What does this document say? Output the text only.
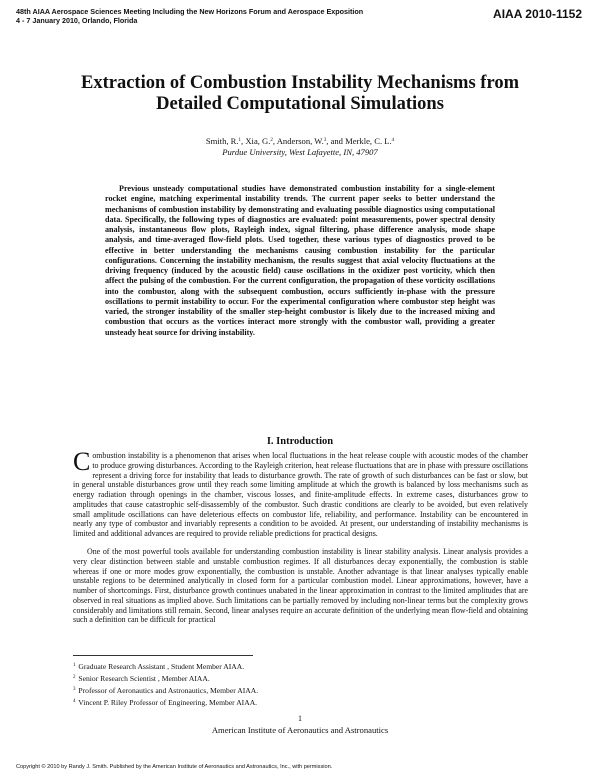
48th AIAA Aerospace Sciences Meeting Including the New Horizons Forum and Aerospace Exposition
4 - 7 January 2010, Orlando, Florida	AIAA 2010-1152
Extraction of Combustion Instability Mechanisms from
Detailed Computational Simulations
Smith, R.$^1$, Xia, G.$^2$, Anderson, W.$^3$, and Merkle, C. L.$^4$
Purdue University, West Lafayette, IN, 47907

Previous unsteady computational studies have demonstrated combustion instability for a single-element rocket engine, matching experimental instability trends. The current paper seeks to better understand the mechanisms of combustion instability by demonstrating and evaluating possible diagnostics using computational data. Specifically, the following types of diagnostics are evaluated: point measurements, power spectral density analysis, instantaneous flow plots, Rayleigh index, signal filtering, phase difference analysis, mode shape analysis, and time-averaged flow-field plots. Used together, these various types of diagnostics proved to be effective in better understanding the mechanisms causing combustion instability for the particular configurations. Concerning the instability mechanism, the results suggest that axial velocity fluctuations at the driving frequency (induced by the acoustic field) cause oscillations in the oxidizer post vorticity, which then affect the pulsing of the combustion. For the current configuration, the propagation of these vorticity oscillations into the combustor, along with the subsequent combustion, occurs sufficiently in-phase with the pressure oscillations to permit instability to occur. For the experimental configuration where combustor step height was varied, the stronger instability of the smaller step-height combustor is likely due to the increased mixing and combustion that occurs as the vortices interact more strongly with the combustor wall, providing a greater unsteady heat source for driving instability.

I. Introduction

Combustion instability is a phenomenon that arises when local fluctuations in the heat release couple with acoustic modes of the chamber to produce growing disturbances. According to the Rayleigh criterion, heat release fluctuations that are in phase with pressure oscillations represent a driving force for instability that leads to disturbance growth. The rate of growth of such disturbances can be fast or slow, but in general unstable disturbances grow until they reach some limiting amplitude at which the growth is balanced by loss mechanisms such as energy radiation through openings in the chamber, viscous losses, and finite-amplitude effects. In extreme cases, disturbances grow to amplitudes that cause catastrophic self-disassembly of the combustor. Such drastic conditions are clearly to be avoided, but even relatively small amplitude oscillations can have deleterious effects on combustor life, reliability, and performance. Instability can be encountered in nearly any type of combustor and invariably represents a condition to be avoided. At present, our understanding of instability mechanisms is limited and additional advances are required to provide reliable predictions for practical designs.

One of the most powerful tools available for understanding combustion instability is linear stability analysis. Linear analysis provides a very clear distinction between stable and unstable combustion regimes. If all disturbances decay exponentially, the combustion is stable whereas if one or more modes grow exponentially, the combustion is unstable. Another advantage is that linear analyses typically enable unstable regions to be determined analytically in closed form for a particular combustion model. Linear approximations, however, have a number of shortcomings. First, disturbance growth continues unabated in the linear approximation in contrast to the limited amplitudes that are observed in real situations as implied above. Such limitations can be partially removed by including non-linear terms but the complexity grows considerably and limitations still remain. Second, linear analyses require an accurate definition of the underlying mean flow-field and obtaining such a definition can be difficult for practical

$^1$ Graduate Research Assistant , Student Member AIAA.
$^2$ Senior Research Scientist , Member AIAA.
$^3$ Professor of Aeronautics and Astronautics, Member AIAA.
$^4$ Vincent P. Riley Professor of Engineering, Member AIAA.
1
American Institute of Aeronautics and Astronautics
Copyright © 2010 by Randy J. Smith. Published by the American Institute of Aeronautics and Astronautics, Inc., with permission.
